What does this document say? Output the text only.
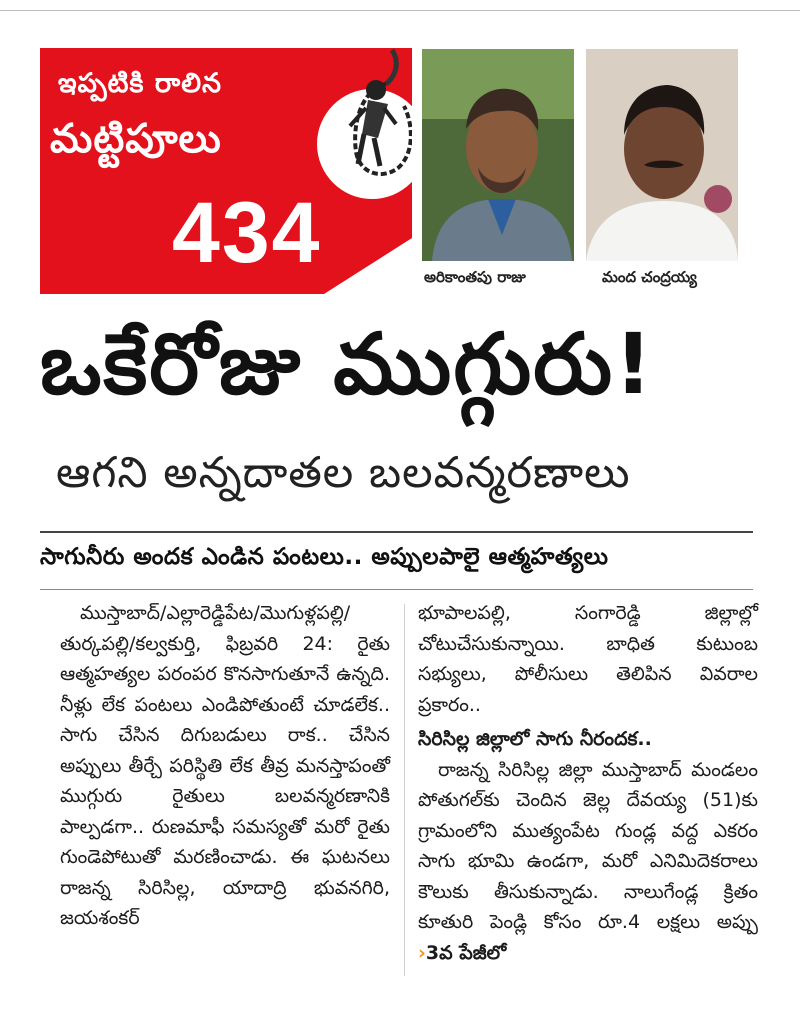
ఇప్పటికి రాలిన
మట్టిపూలు
434	అరికాంతపు రాజు	మంద చంద్రయ్య
ఒకేరోజు ముగ్గురు!
ఆగని అన్నదాతల బలవన్మరణాలు
సాగునీరు అందక ఎండిన పంటలు.. అప్పులపాలై ఆత్మహత్యలు

ముస్తాబాద్/ఎల్లారెడ్డిపేట/మొగుళ్లపల్లి/తుర్కపల్లి/కల్వకుర్తి, ఫిబ్రవరి 24: రైతు ఆత్మహత్యల పరంపర కొనసాగుతూనే ఉన్నది. నీళ్లు లేక పంటలు ఎండిపోతుంటే చూడలేక.. సాగు చేసిన దిగుబడులు రాక.. చేసిన అప్పులు తీర్చే పరిస్థితి లేక తీవ్ర మనస్తాపంతో ముగ్గురు రైతులు బలవన్మరణానికి పాల్పడగా.. రుణమాఫీ సమస్యతో మరో రైతు గుండెపోటుతో మరణించాడు. ఈ ఘటనలు రాజన్న సిరిసిల్ల, యాదాద్రి భువనగిరి, జయశంకర్

భూపాలపల్లి, సంగారెడ్డి జిల్లాల్లో చోటుచేసుకున్నాయి. బాధిత కుటుంబ సభ్యులు, పోలీసులు తెలిపిన వివరాల ప్రకారం..

సిరిసిల్ల జిల్లాలో సాగు నీరందక..

రాజన్న సిరిసిల్ల జిల్లా ముస్తాబాద్ మండలం పోతుగల్‌కు చెందిన జెల్ల దేవయ్య (51)కు గ్రామంలోని ముత్యంపేట గుండ్ల వద్ద ఎకరం సాగు భూమి ఉండగా, మరో ఎనిమిదెకరాలు కౌలుకు తీసుకున్నాడు. నాలుగేండ్ల క్రితం కూతురి పెండ్లి కోసం రూ.4 లక్షలు అప్పు ›3వ పేజీలో
